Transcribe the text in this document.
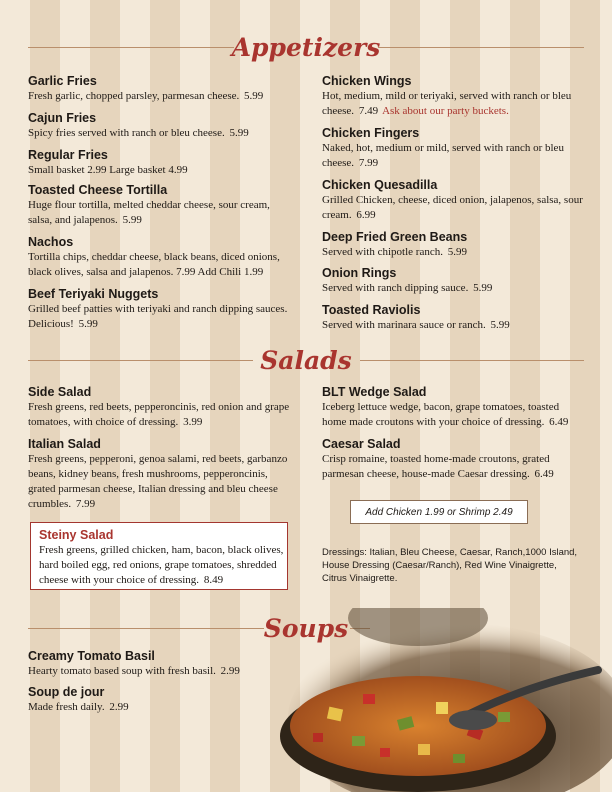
Appetizers
Garlic Fries
Fresh garlic, chopped parsley, parmesan cheese. 5.99
Cajun Fries
Spicy fries served with ranch or bleu cheese. 5.99
Regular Fries
Small basket 2.99 Large basket 4.99
Toasted Cheese Tortilla
Huge flour tortilla, melted cheddar cheese, sour cream, salsa, and jalapenos. 5.99
Nachos
Tortilla chips, cheddar cheese, black beans, diced onions, black olives, salsa and jalapenos. 7.99 Add Chili 1.99
Beef Teriyaki Nuggets
Grilled beef patties with teriyaki and ranch dipping sauces. Delicious! 5.99
Chicken Wings
Hot, medium, mild or teriyaki, served with ranch or bleu cheese. 7.49 Ask about our party buckets.
Chicken Fingers
Naked, hot, medium or mild, served with ranch or bleu cheese. 7.99
Chicken Quesadilla
Grilled Chicken, cheese, diced onion, jalapenos, salsa, sour cream. 6.99
Deep Fried Green Beans
Served with chipotle ranch. 5.99
Onion Rings
Served with ranch dipping sauce. 5.99
Toasted Raviolis
Served with marinara sauce or ranch. 5.99
Salads
Side Salad
Fresh greens, red beets, pepperoncinis, red onion and grape tomatoes, with choice of dressing. 3.99
Italian Salad
Fresh greens, pepperoni, genoa salami, red beets, garbanzo beans, kidney beans, fresh mushrooms, pepperoncinis, grated parmesan cheese, Italian dressing and bleu cheese crumbles. 7.99
Steiny Salad
Fresh greens, grilled chicken, ham, bacon, black olives, hard boiled egg, red onions, grape tomatoes, shredded cheese with your choice of dressing. 8.49
BLT Wedge Salad
Iceberg lettuce wedge, bacon, grape tomatoes, toasted home made croutons with your choice of dressing. 6.49
Caesar Salad
Crisp romaine, toasted home-made croutons, grated parmesan cheese, house-made Caesar dressing. 6.49
Add Chicken 1.99 or Shrimp 2.49
Dressings: Italian, Bleu Cheese, Caesar, Ranch,1000 Island, House Dressing (Caesar/Ranch), Red Wine Vinaigrette, Citrus Vinaigrette.
Soups
Creamy Tomato Basil
Hearty tomato based soup with fresh basil. 2.99
Soup de jour
Made fresh daily. 2.99
